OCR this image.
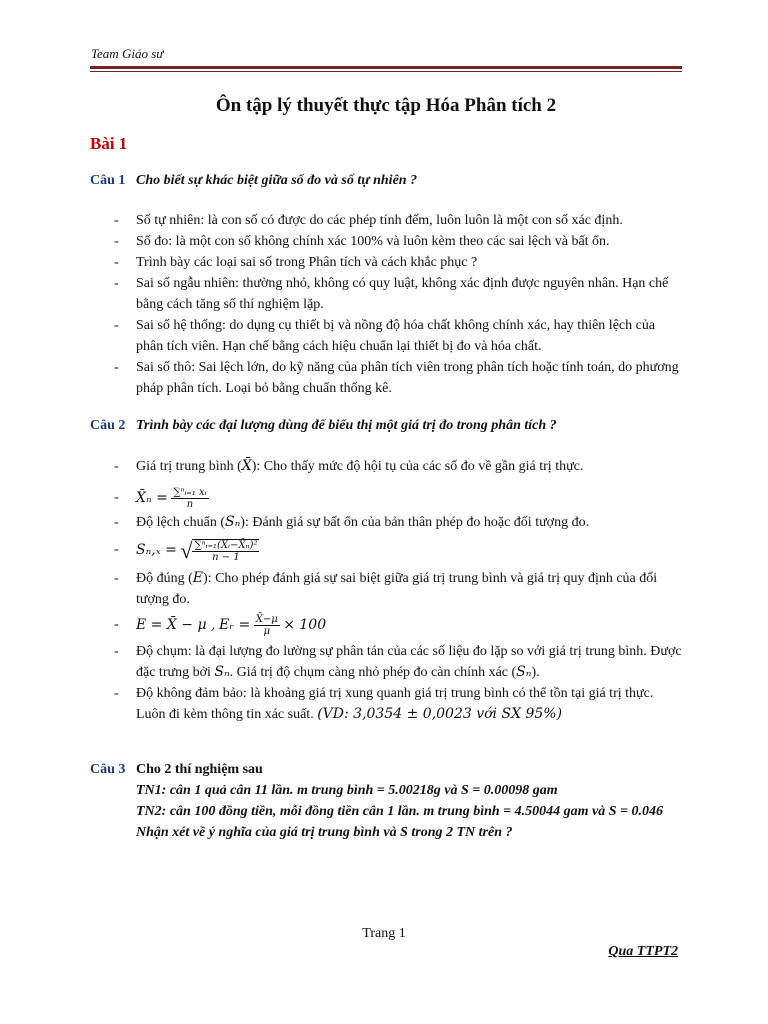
Team Giáo sư
Ôn tập lý thuyết thực tập Hóa Phân tích 2
Bài 1
Câu 1 Cho biết sự khác biệt giữa số đo và số tự nhiên ?
- Số tự nhiên: là con số có được do các phép tính đếm, luôn luôn là một con số xác định.
- Số đo: là một con số không chính xác 100% và luôn kèm theo các sai lệch và bất ổn.
- Trình bày các loại sai số trong Phân tích và cách khắc phục ?
- Sai số ngẫu nhiên: thường nhỏ, không có quy luật, không xác định được nguyên nhân. Hạn chế bằng cách tăng số thí nghiệm lặp.
- Sai số hệ thống: do dụng cụ thiết bị và nồng độ hóa chất không chính xác, hay thiên lệch của phân tích viên. Hạn chế bằng cách hiệu chuẩn lại thiết bị đo và hóa chất.
- Sai số thô: Sai lệch lớn, do kỹ năng của phân tích viên trong phân tích hoặc tính toán, do phương pháp phân tích. Loại bỏ bằng chuẩn thống kê.
Câu 2 Trình bày các đại lượng dùng để biểu thị một giá trị đo trong phân tích ?
- Giá trị trung bình (X̄): Cho thấy mức độ hội tụ của các số đo về gần giá trị thực.
- X̄ₙ = $\frac{\text{∑ⁿᵢ₌₁ xᵢ}}{n}$
- Độ lệch chuẩn (Sₙ): Đánh giá sự bất ổn của bản thân phép đo hoặc đối tượng đo.
- Sₙ,ₓ = √ $\frac{\text{∑ⁿᵢ₌₁(Xᵢ−X̄ₙ)²}}{n - 1}$
- Độ đúng (E): Cho phép đánh giá sự sai biệt giữa giá trị trung bình và giá trị quy định của đối tượng đo.
- E = X̄ − μ , Eᵣ = $\frac{X̄-\mu}{\mu} \times 100$
- Độ chụm: là đại lượng đo lường sự phân tán của các số liệu đo lặp so với giá trị trung bình. Được đặc trưng bởi Sₙ. Giá trị độ chụm càng nhỏ phép đo càn chính xác (Sₙ).
- Độ không đảm bảo: là khoảng giá trị xung quanh giá trị trung bình có thể tồn tại giá trị thực. Luôn đi kèm thông tin xác suất. (VD: 3,0354 ± 0,0023 với SX 95%)
Câu 3 Cho 2 thí nghiệm sau
TN1: cân 1 quả cân 11 lần. m trung bình = 5.00218g và S = 0.00098 gam
TN2: cân 100 đồng tiền, mỗi đồng tiền cân 1 lần. m trung bình = 4.50044 gam và S = 0.046
Nhận xét về ý nghĩa của giá trị trung bình và S trong 2 TN trên ?
Trang 1
Qua TTPT2
